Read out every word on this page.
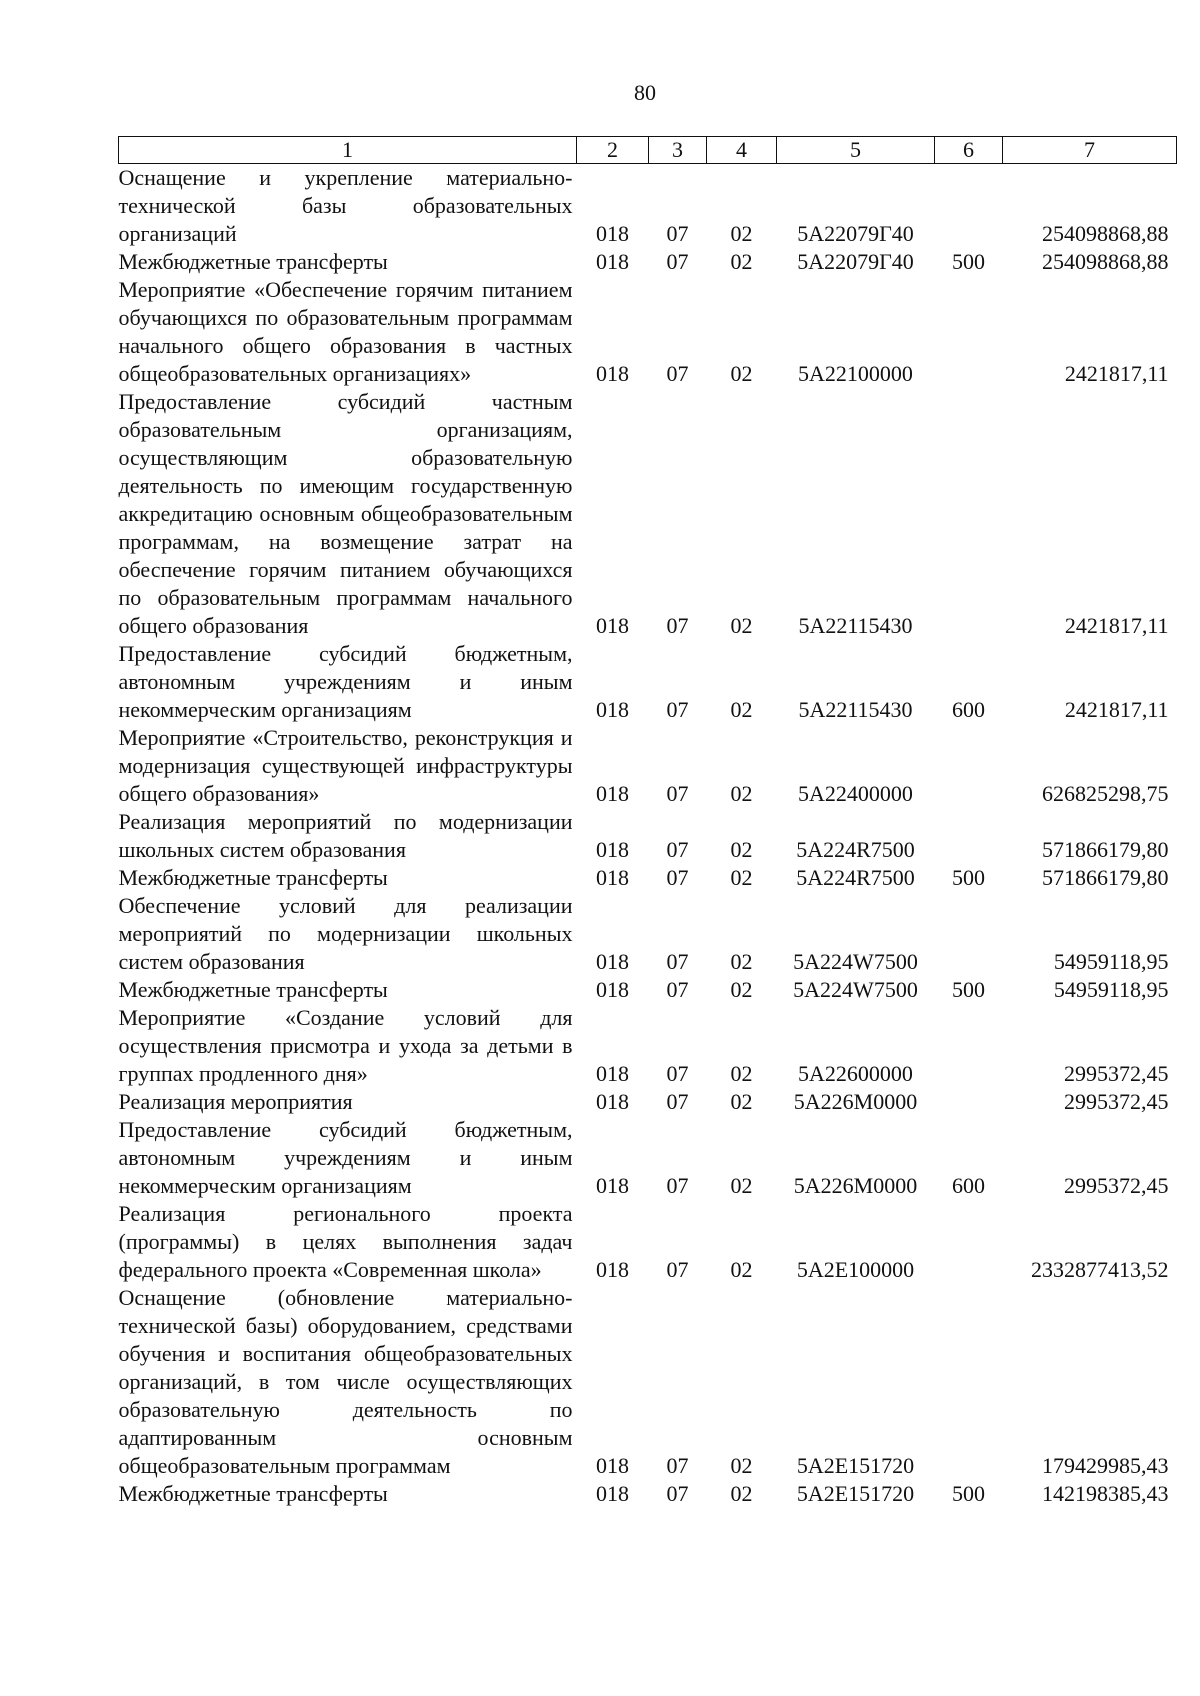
80
1	2	3	4	5	6	7
Оснащение и укрепление материально-технической базы образовательных организаций	018	07	02	5А22079Г40		254098868,88
Межбюджетные трансферты	018	07	02	5А22079Г40	500	254098868,88
Мероприятие «Обеспечение горячим питанием обучающихся по образовательным программам начального общего образования в частных общеобразовательных организациях»	018	07	02	5А22100000		2421817,11
Предоставление субсидий частным образовательным организациям, осуществляющим образовательную деятельность по имеющим государственную аккредитацию основным общеобразовательным программам, на возмещение затрат на обеспечение горячим питанием обучающихся по образовательным программам начального общего образования	018	07	02	5А22115430		2421817,11
Предоставление субсидий бюджетным, автономным учреждениям и иным некоммерческим организациям	018	07	02	5А22115430	600	2421817,11
Мероприятие «Строительство, реконструкция и модернизация существующей инфраструктуры общего образования»	018	07	02	5А22400000		626825298,75
Реализация мероприятий по модернизации школьных систем образования	018	07	02	5А224R7500		571866179,80
Межбюджетные трансферты	018	07	02	5А224R7500	500	571866179,80
Обеспечение условий для реализации мероприятий по модернизации школьных систем образования	018	07	02	5А224W7500		54959118,95
Межбюджетные трансферты	018	07	02	5А224W7500	500	54959118,95
Мероприятие «Создание условий для осуществления присмотра и ухода за детьми в группах продленного дня»	018	07	02	5А22600000		2995372,45
Реализация мероприятия	018	07	02	5А226М0000		2995372,45
Предоставление субсидий бюджетным, автономным учреждениям и иным некоммерческим организациям	018	07	02	5А226М0000	600	2995372,45
Реализация регионального проекта (программы) в целях выполнения задач федерального проекта «Современная школа»	018	07	02	5А2Е100000		2332877413,52
Оснащение (обновление материально-технической базы) оборудованием, средствами обучения и воспитания общеобразовательных организаций, в том числе осуществляющих образовательную деятельность по адаптированным основным общеобразовательным программам	018	07	02	5А2Е151720		179429985,43
Межбюджетные трансферты	018	07	02	5А2Е151720	500	142198385,43
